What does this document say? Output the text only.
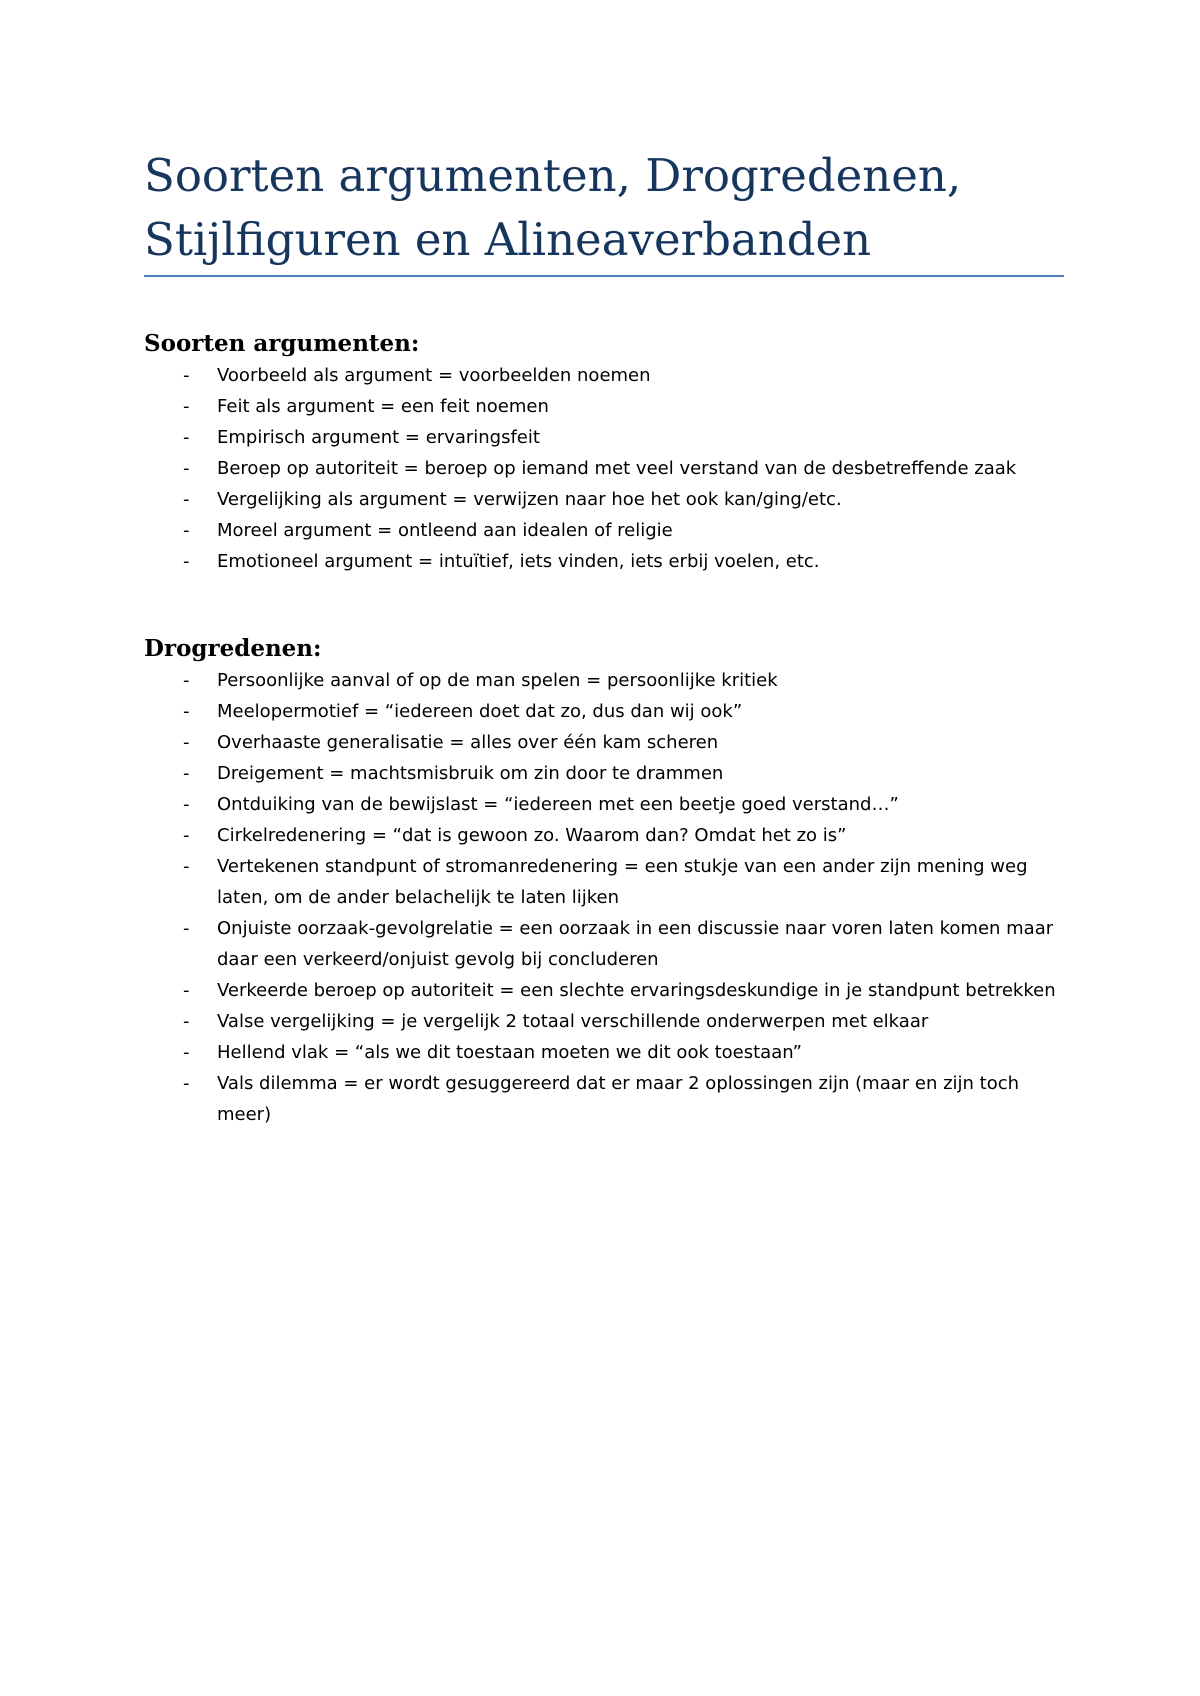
Soorten argumenten, Drogredenen,
Stijlfiguren en Alineaverbanden
Soorten argumenten:
- Voorbeeld als argument = voorbeelden noemen
- Feit als argument = een feit noemen
- Empirisch argument = ervaringsfeit
- Beroep op autoriteit = beroep op iemand met veel verstand van de desbetreffende zaak
- Vergelijking als argument = verwijzen naar hoe het ook kan/ging/etc.
- Moreel argument = ontleend aan idealen of religie
- Emotioneel argument = intuïtief, iets vinden, iets erbij voelen, etc.
Drogredenen:
- Persoonlijke aanval of op de man spelen = persoonlijke kritiek
- Meelopermotief = “iedereen doet dat zo, dus dan wij ook”
- Overhaaste generalisatie = alles over één kam scheren
- Dreigement = machtsmisbruik om zin door te drammen
- Ontduiking van de bewijslast = “iedereen met een beetje goed verstand…”
- Cirkelredenering = “dat is gewoon zo. Waarom dan? Omdat het zo is”
- Vertekenen standpunt of stromanredenering = een stukje van een ander zijn mening weg laten, om de ander belachelijk te laten lijken
- Onjuiste oorzaak-gevolgrelatie = een oorzaak in een discussie naar voren laten komen maar daar een verkeerd/onjuist gevolg bij concluderen
- Verkeerde beroep op autoriteit = een slechte ervaringsdeskundige in je standpunt betrekken
- Valse vergelijking = je vergelijk 2 totaal verschillende onderwerpen met elkaar
- Hellend vlak = “als we dit toestaan moeten we dit ook toestaan”
- Vals dilemma = er wordt gesuggereerd dat er maar 2 oplossingen zijn (maar en zijn toch meer)
